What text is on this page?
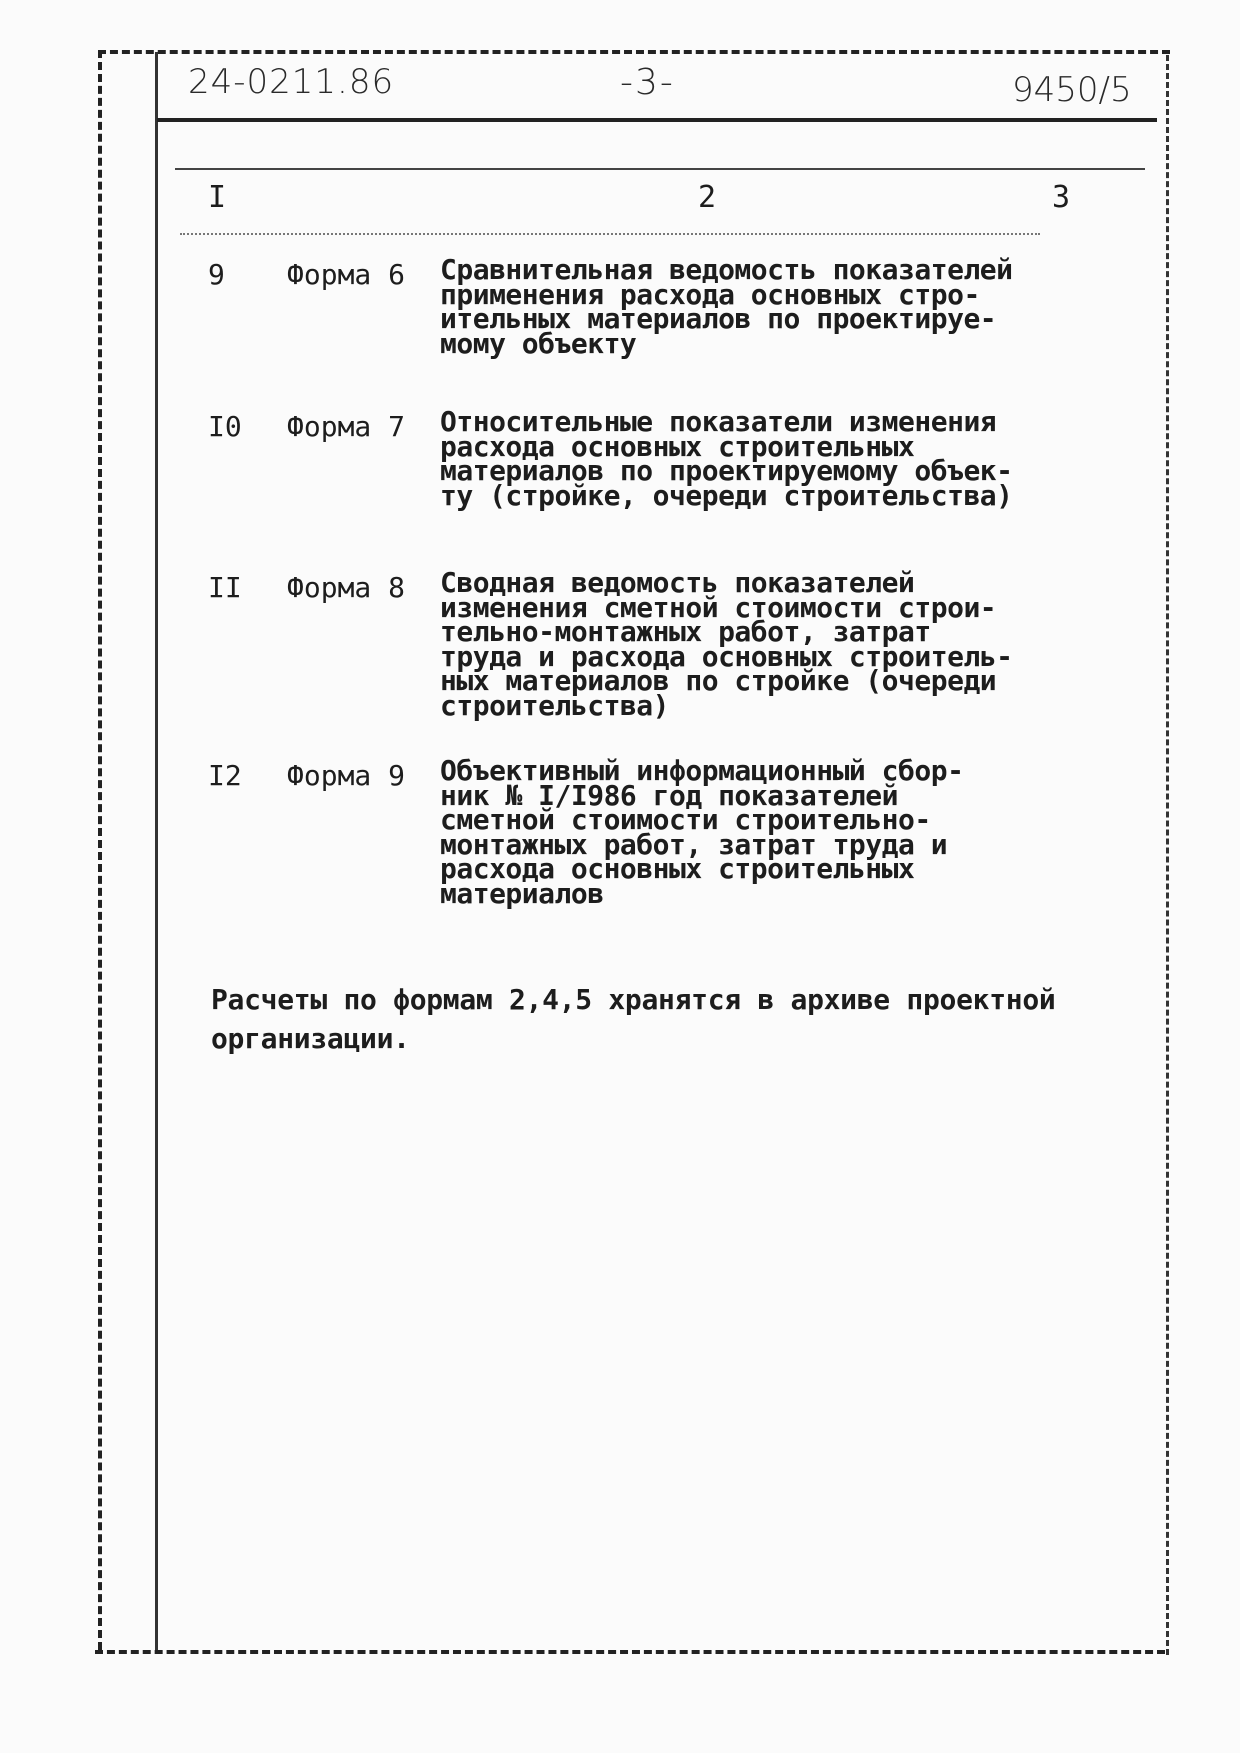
24-0211.86	-3-	9450/5
I	2	3
9 Форма 6 Сравнительная ведомость показателей
применения расхода основных стро-
ительных материалов по проектируе-
мому объекту
I0 Форма 7 Относительные показатели изменения
расхода основных строительных
материалов по проектируемому объек-
ту (стройке, очереди строительства)
II Форма 8 Сводная ведомость показателей
изменения сметной стоимости строи-
тельно-монтажных работ, затрат
труда и расхода основных строитель-
ных материалов по стройке (очереди
строительства)
I2 Форма 9 Объективный информационный сбор-
ник № I/I986 год показателей
сметной стоимости строительно-
монтажных работ, затрат труда и
расхода основных строительных
материалов
Расчеты по формам 2,4,5 хранятся в архиве проектной
организации.
